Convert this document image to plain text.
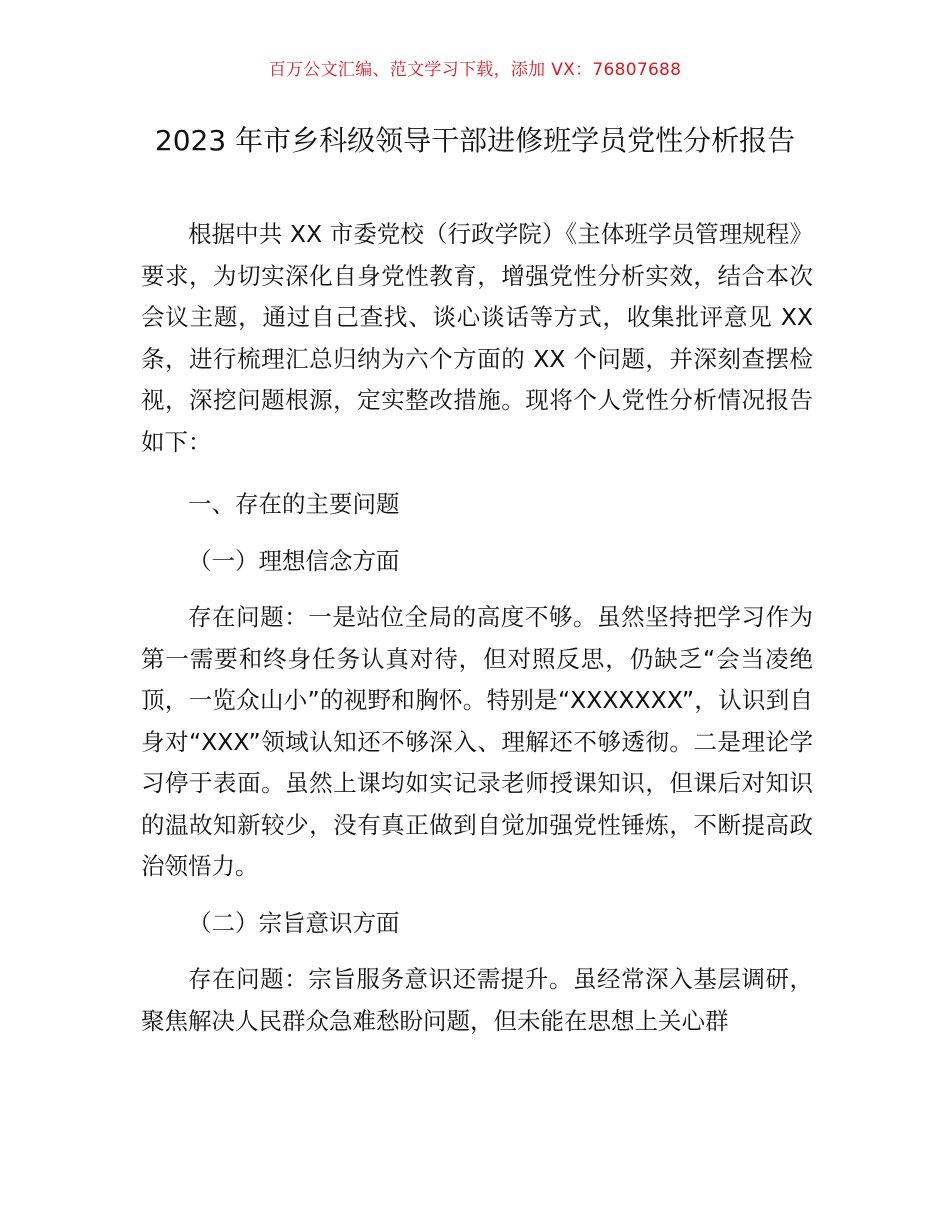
百万公文汇编、范文学习下载，添加 VX：76807688
2023 年市乡科级领导干部进修班学员党性分析报告

根据中共 XX 市委党校（行政学院）《主体班学员管理规程》要求，为切实深化自身党性教育，增强党性分析实效，结合本次会议主题，通过自己查找、谈心谈话等方式，收集批评意见 XX 条，进行梳理汇总归纳为六个方面的 XX 个问题，并深刻查摆检视，深挖问题根源，定实整改措施。现将个人党性分析情况报告如下：

一、存在的主要问题

（一）理想信念方面

存在问题：一是站位全局的高度不够。虽然坚持把学习作为第一需要和终身任务认真对待，但对照反思，仍缺乏“会当凌绝顶，一览众山小”的视野和胸怀。特别是“XXXXXXX”，认识到自身对“XXX”领域认知还不够深入、理解还不够透彻。二是理论学习停于表面。虽然上课均如实记录老师授课知识，但课后对知识的温故知新较少，没有真正做到自觉加强党性锤炼，不断提高政治领悟力。

（二）宗旨意识方面

存在问题：宗旨服务意识还需提升。虽经常深入基层调研，聚焦解决人民群众急难愁盼问题，但未能在思想上关心群
